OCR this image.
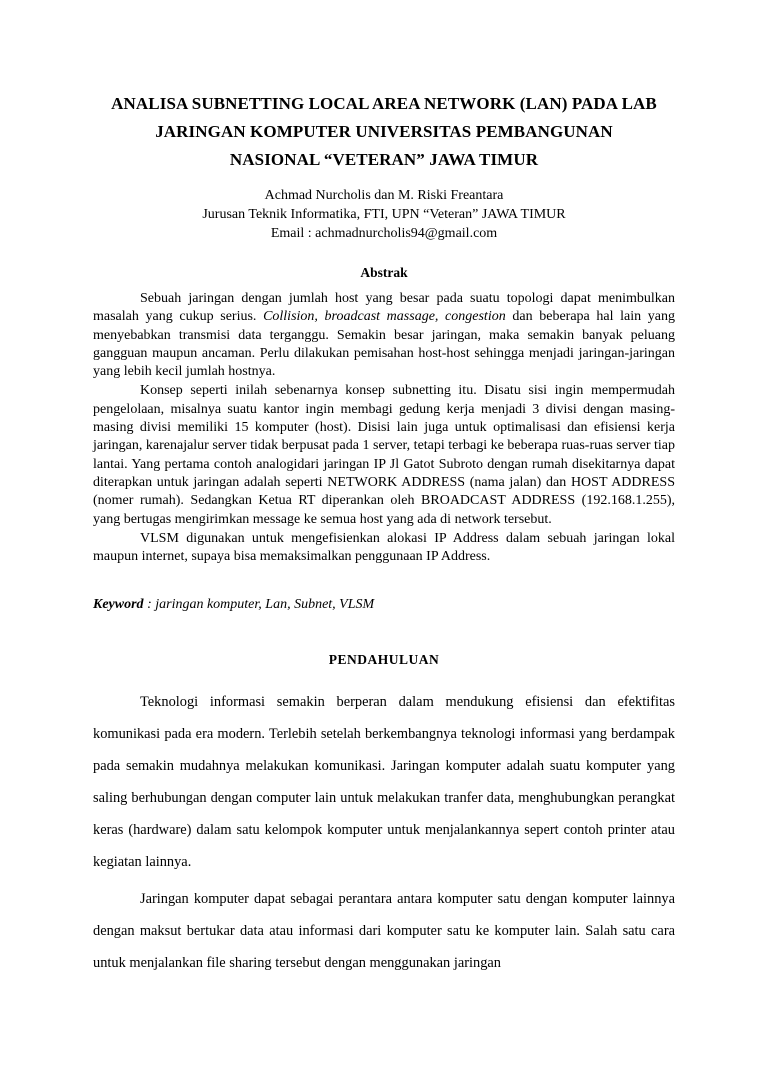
ANALISA SUBNETTING LOCAL AREA NETWORK (LAN) PADA LAB
JARINGAN KOMPUTER UNIVERSITAS PEMBANGUNAN
NASIONAL “VETERAN” JAWA TIMUR
Achmad Nurcholis dan M. Riski Freantara
Jurusan Teknik Informatika, FTI, UPN “Veteran” JAWA TIMUR
Email : achmadnurcholis94@gmail.com
Abstrak

Sebuah jaringan dengan jumlah host yang besar pada suatu topologi dapat menimbulkan masalah yang cukup serius. Collision, broadcast massage, congestion dan beberapa hal lain yang menyebabkan transmisi data terganggu. Semakin besar jaringan, maka semakin banyak peluang gangguan maupun ancaman. Perlu dilakukan pemisahan host-host sehingga menjadi jaringan-jaringan yang lebih kecil jumlah hostnya.

Konsep seperti inilah sebenarnya konsep subnetting itu. Disatu sisi ingin mempermudah pengelolaan, misalnya suatu kantor ingin membagi gedung kerja menjadi 3 divisi dengan masing-masing divisi memiliki 15 komputer (host). Disisi lain juga untuk optimalisasi dan efisiensi kerja jaringan, karenajalur server tidak berpusat pada 1 server, tetapi terbagi ke beberapa ruas-ruas server tiap lantai. Yang pertama contoh analogidari jaringan IP Jl Gatot Subroto dengan rumah disekitarnya dapat diterapkan untuk jaringan adalah seperti NETWORK ADDRESS (nama jalan) dan HOST ADDRESS (nomer rumah). Sedangkan Ketua RT diperankan oleh BROADCAST ADDRESS (192.168.1.255), yang bertugas mengirimkan message ke semua host yang ada di network tersebut.

VLSM digunakan untuk mengefisienkan alokasi IP Address dalam sebuah jaringan lokal maupun internet, supaya bisa memaksimalkan penggunaan IP Address.

Keyword : jaringan komputer, Lan, Subnet, VLSM
PENDAHULUAN

Teknologi informasi semakin berperan dalam mendukung efisiensi dan efektifitas komunikasi pada era modern. Terlebih setelah berkembangnya teknologi informasi yang berdampak pada semakin mudahnya melakukan komunikasi. Jaringan komputer adalah suatu komputer yang saling berhubungan dengan computer lain untuk melakukan tranfer data, menghubungkan perangkat keras (hardware) dalam satu kelompok komputer untuk menjalankannya sepert contoh printer atau kegiatan lainnya.

Jaringan komputer dapat sebagai perantara antara komputer satu dengan komputer lainnya dengan maksut bertukar data atau informasi dari komputer satu ke komputer lain. Salah satu cara untuk menjalankan file sharing tersebut dengan menggunakan jaringan
